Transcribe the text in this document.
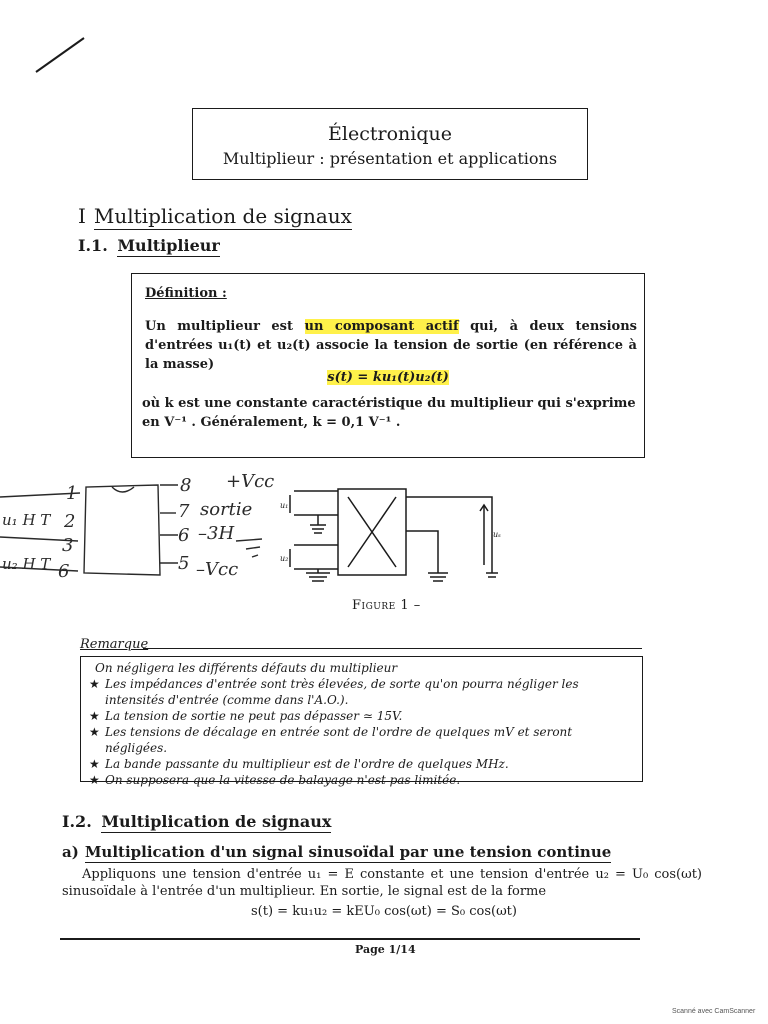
Électronique
Multiplieur : présentation et applications
I Multiplication de signaux
I.1. Multiplieur
Définition :
Un multiplieur est un composant actif qui, à deux tensions d'entrées u₁(t) et u₂(t) associe la tension de sortie (en référence à la masse)
s(t) = ku₁(t)u₂(t)
où k est une constante caractéristique du multiplieur qui s'exprime en V⁻¹ . Généralement, k = 0,1 V⁻¹ .
1
2
3
6
u₁ H T
u₂ H T
8 +Vcc
7 sortie
6 –3H
5 –Vcc
u₁
u₂
uₛ
Figure 1 –
Remarque
On négligera les différents défauts du multiplieur
★ Les impédances d'entrée sont très élevées, de sorte qu'on pourra négliger les intensités d'entrée (comme dans l'A.O.).
★ La tension de sortie ne peut pas dépasser ≃ 15V.
★ Les tensions de décalage en entrée sont de l'ordre de quelques mV et seront négligées.
★ La bande passante du multiplieur est de l'ordre de quelques MHz.
★ On supposera que la vitesse de balayage n'est pas limitée.
I.2. Multiplication de signaux
a) Multiplication d'un signal sinusoïdal par une tension continue
Appliquons une tension d'entrée u₁ = E constante et une tension d'entrée u₂ = U₀ cos(ωt) sinusoïdale à l'entrée d'un multiplieur. En sortie, le signal est de la forme
s(t) = ku₁u₂ = kEU₀ cos(ωt) = S₀ cos(ωt)
Page 1/14
Scanné avec CamScanner
